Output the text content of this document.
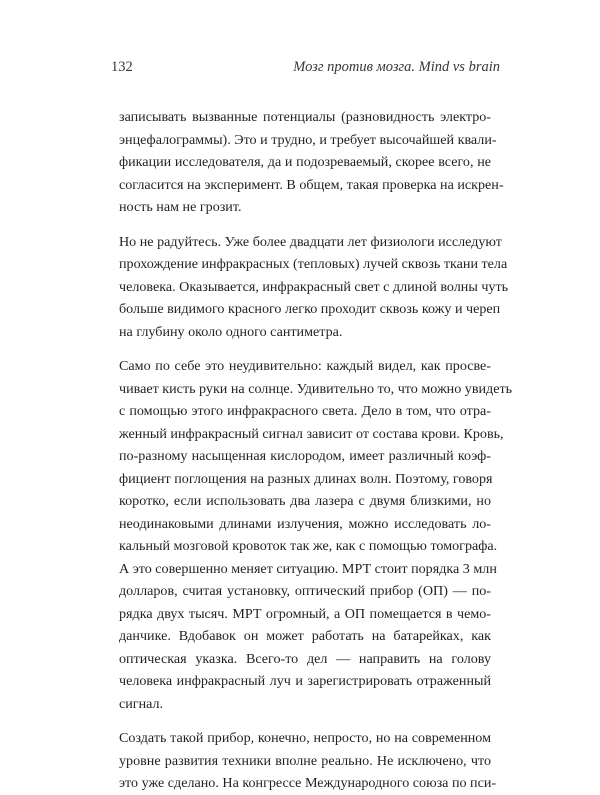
132	Мозг против мозга. Mind vs brain
записывать вызванные потенциалы (разновидность электро-
энцефалограммы). Это и трудно, и требует высочайшей квали-
фикации исследователя, да и подозреваемый, скорее всего, не
согласится на эксперимент. В общем, такая проверка на искрен-
ность нам не грозит.
Но не радуйтесь. Уже более двадцати лет физиологи исследуют
прохождение инфракрасных (тепловых) лучей сквозь ткани тела
человека. Оказывается, инфракрасный свет с длиной волны чуть
больше видимого красного легко проходит сквозь кожу и череп
на глубину около одного сантиметра.
Само по себе это неудивительно: каждый видел, как просве-
чивает кисть руки на солнце. Удивительно то, что можно увидеть
с помощью этого инфракрасного света. Дело в том, что отра-
женный инфракрасный сигнал зависит от состава крови. Кровь,
по-разному насыщенная кислородом, имеет различный коэф-
фициент поглощения на разных длинах волн. Поэтому, говоря
коротко, если использовать два лазера с двумя близкими, но
неодинаковыми длинами излучения, можно исследовать ло-
кальный мозговой кровоток так же, как с помощью томографа.
А это совершенно меняет ситуацию. МРТ стоит порядка 3 млн
долларов, считая установку, оптический прибор (ОП) — по-
рядка двух тысяч. МРТ огромный, а ОП помещается в чемо-
данчике. Вдобавок он может работать на батарейках, как
оптическая указка. Всего-то дел — направить на голову
человека инфракрасный луч и зарегистрировать отраженный
сигнал.
Создать такой прибор, конечно, непросто, но на современном
уровне развития техники вполне реально. Не исключено, что
это уже сделано. На конгрессе Международного союза по пси-
